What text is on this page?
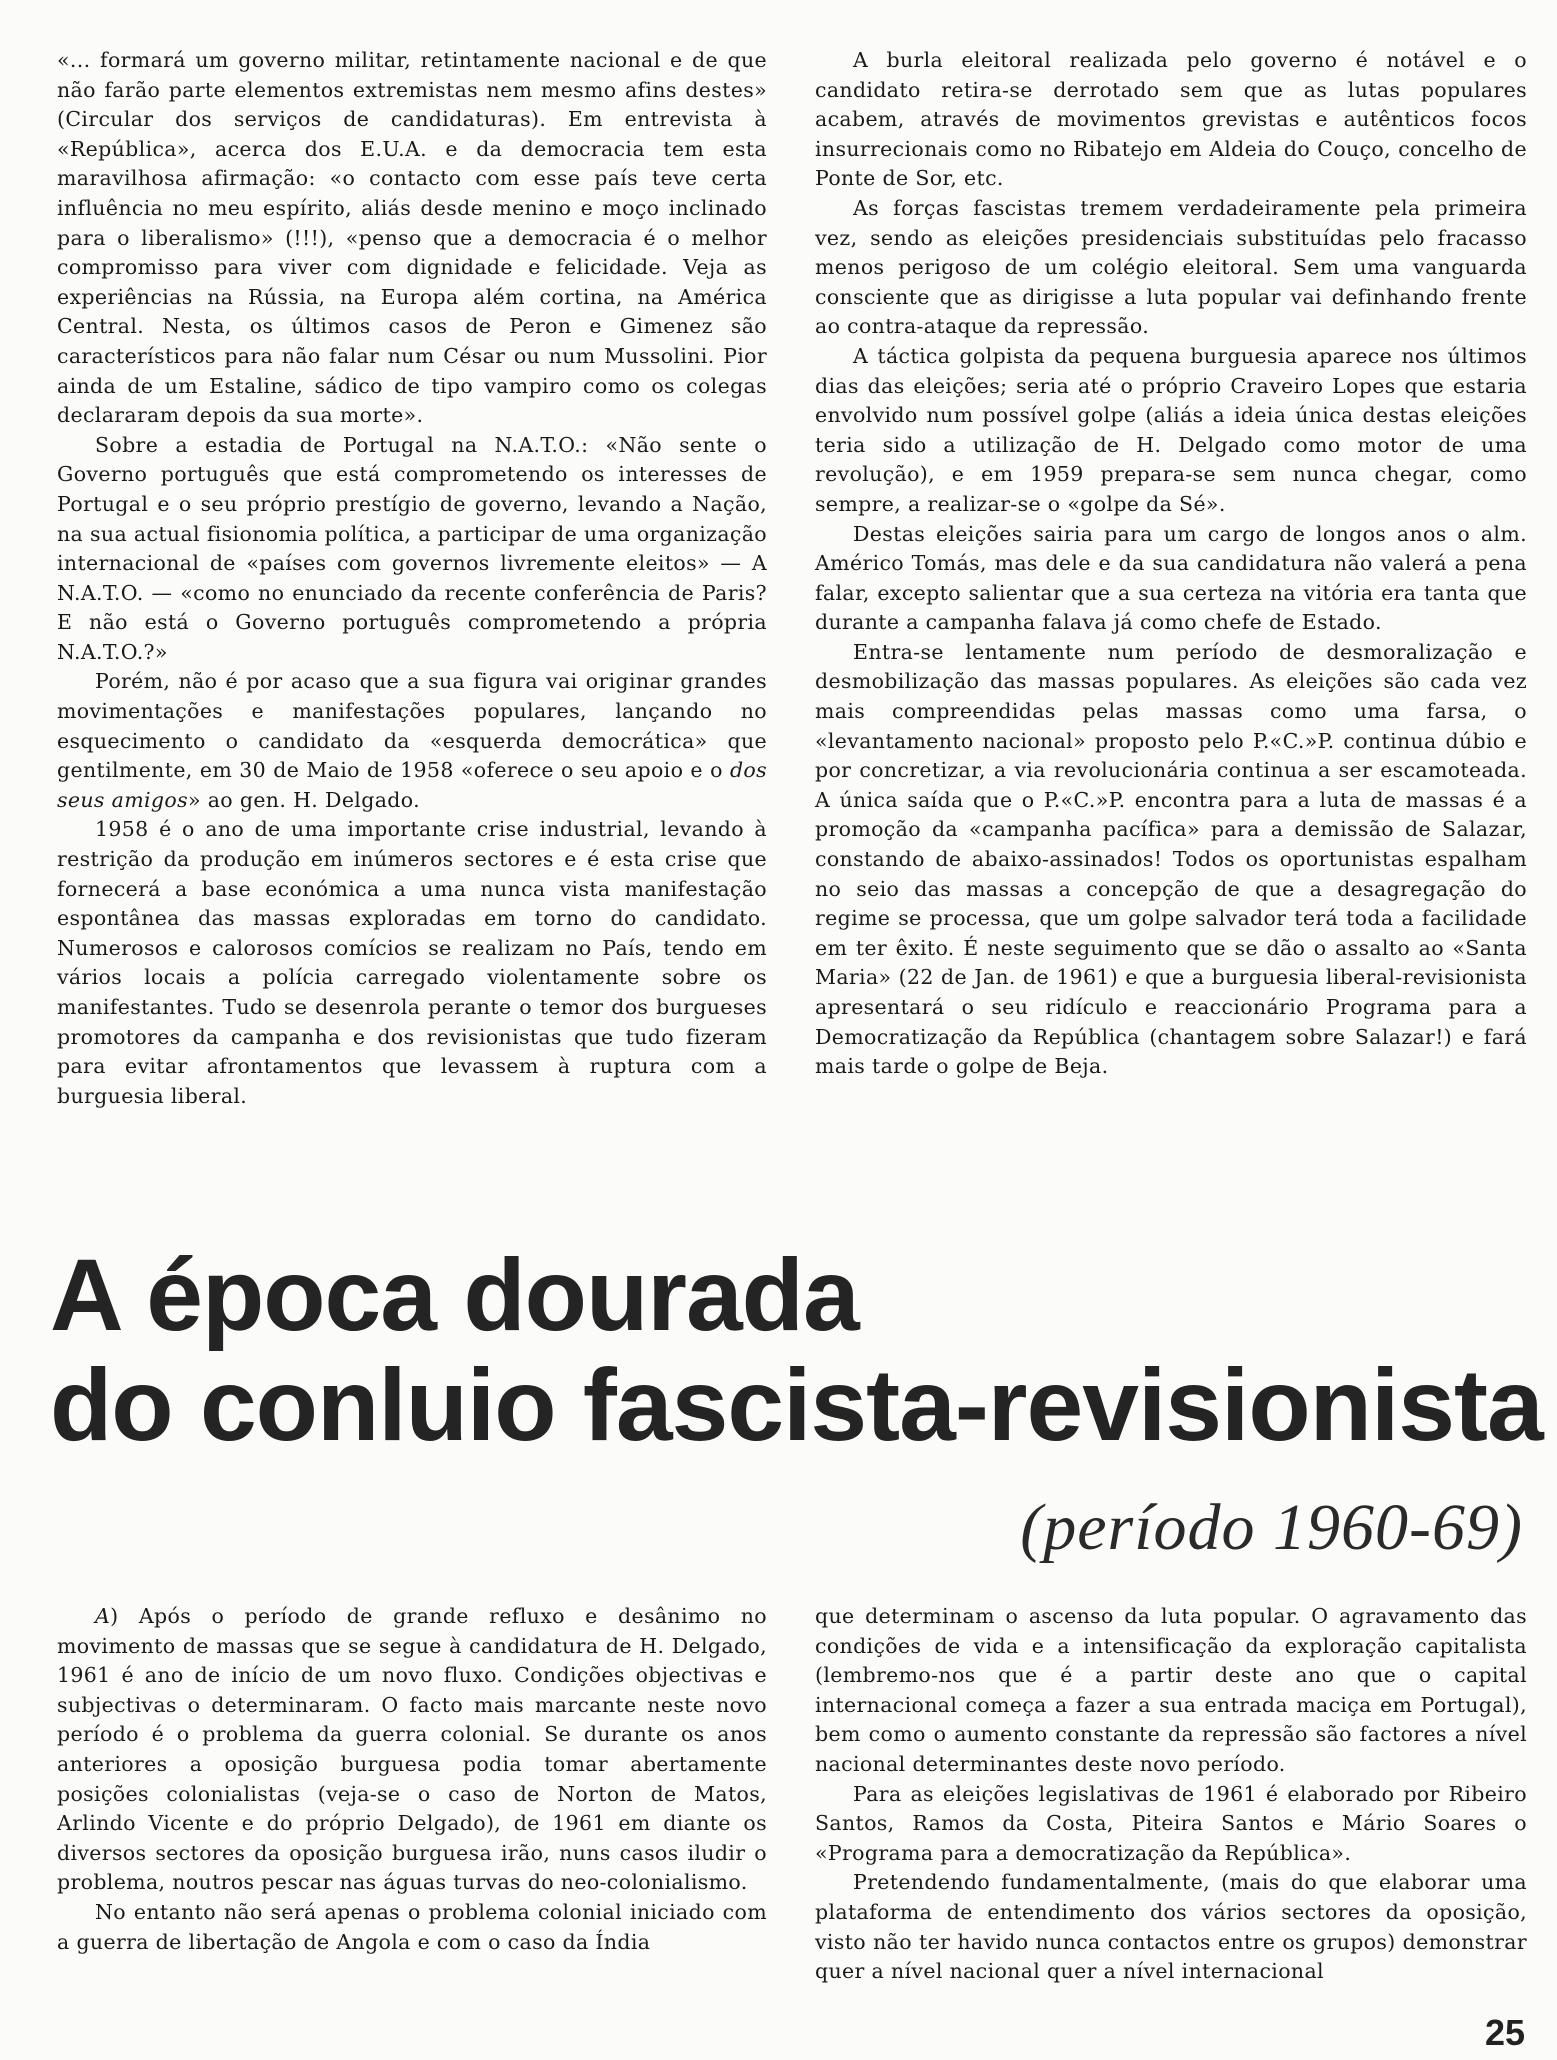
«... formará um governo militar, retintamente nacional e de que não farão parte elementos extremistas nem mesmo afins destes» (Circular dos serviços de candidaturas). Em entrevista à «República», acerca dos E.U.A. e da democracia tem esta maravilhosa afirmação: «o contacto com esse país teve certa influência no meu espírito, aliás desde menino e moço inclinado para o liberalismo» (!!!), «penso que a democracia é o melhor compromisso para viver com dignidade e felicidade. Veja as experiências na Rússia, na Europa além cortina, na América Central. Nesta, os últimos casos de Peron e Gimenez são característicos para não falar num César ou num Mussolini. Pior ainda de um Estaline, sádico de tipo vampiro como os colegas declararam depois da sua morte».

Sobre a estadia de Portugal na N.A.T.O.: «Não sente o Governo português que está comprometendo os interesses de Portugal e o seu próprio prestígio de governo, levando a Nação, na sua actual fisionomia política, a participar de uma organização internacional de «países com governos livremente eleitos» — A N.A.T.O. — «como no enunciado da recente conferência de Paris? E não está o Governo português comprometendo a própria N.A.T.O.?»

Porém, não é por acaso que a sua figura vai originar grandes movimentações e manifestações populares, lançando no esquecimento o candidato da «esquerda democrática» que gentilmente, em 30 de Maio de 1958 «oferece o seu apoio e o dos seus amigos» ao gen. H. Delgado.

1958 é o ano de uma importante crise industrial, levando à restrição da produção em inúmeros sectores e é esta crise que fornecerá a base económica a uma nunca vista manifestação espontânea das massas exploradas em torno do candidato. Numerosos e calorosos comícios se realizam no País, tendo em vários locais a polícia carregado violentamente sobre os manifestantes. Tudo se desenrola perante o temor dos burgueses promotores da campanha e dos revisionistas que tudo fizeram para evitar afrontamentos que levassem à ruptura com a burguesia liberal.

A burla eleitoral realizada pelo governo é notável e o candidato retira-se derrotado sem que as lutas populares acabem, através de movimentos grevistas e autênticos focos insurrecionais como no Ribatejo em Aldeia do Couço, concelho de Ponte de Sor, etc.

As forças fascistas tremem verdadeiramente pela primeira vez, sendo as eleições presidenciais substituídas pelo fracasso menos perigoso de um colégio eleitoral. Sem uma vanguarda consciente que as dirigisse a luta popular vai definhando frente ao contra-ataque da repressão.

A táctica golpista da pequena burguesia aparece nos últimos dias das eleições; seria até o próprio Craveiro Lopes que estaria envolvido num possível golpe (aliás a ideia única destas eleições teria sido a utilização de H. Delgado como motor de uma revolução), e em 1959 prepara-se sem nunca chegar, como sempre, a realizar-se o «golpe da Sé».

Destas eleições sairia para um cargo de longos anos o alm. Américo Tomás, mas dele e da sua candidatura não valerá a pena falar, excepto salientar que a sua certeza na vitória era tanta que durante a campanha falava já como chefe de Estado.

Entra-se lentamente num período de desmoralização e desmobilização das massas populares. As eleições são cada vez mais compreendidas pelas massas como uma farsa, o «levantamento nacional» proposto pelo P.«C.»P. continua dúbio e por concretizar, a via revolucionária continua a ser escamoteada. A única saída que o P.«C.»P. encontra para a luta de massas é a promoção da «campanha pacífica» para a demissão de Salazar, constando de abaixo-assinados! Todos os oportunistas espalham no seio das massas a concepção de que a desagregação do regime se processa, que um golpe salvador terá toda a facilidade em ter êxito. É neste seguimento que se dão o assalto ao «Santa Maria» (22 de Jan. de 1961) e que a burguesia liberal-revisionista apresentará o seu ridículo e reaccionário Programa para a Democratização da República (chantagem sobre Salazar!) e fará mais tarde o golpe de Beja.

A época dourada
do conluio fascista-revisionista
(período 1960-69)

A) Após o período de grande refluxo e desânimo no movimento de massas que se segue à candidatura de H. Delgado, 1961 é ano de início de um novo fluxo. Condições objectivas e subjectivas o determinaram. O facto mais marcante neste novo período é o problema da guerra colonial. Se durante os anos anteriores a oposição burguesa podia tomar abertamente posições colonialistas (veja-se o caso de Norton de Matos, Arlindo Vicente e do próprio Delgado), de 1961 em diante os diversos sectores da oposição burguesa irão, nuns casos iludir o problema, noutros pescar nas águas turvas do neo-colonialismo.

No entanto não será apenas o problema colonial iniciado com a guerra de libertação de Angola e com o caso da Índia

que determinam o ascenso da luta popular. O agravamento das condições de vida e a intensificação da exploração capitalista (lembremo-nos que é a partir deste ano que o capital internacional começa a fazer a sua entrada maciça em Portugal), bem como o aumento constante da repressão são factores a nível nacional determinantes deste novo período.

Para as eleições legislativas de 1961 é elaborado por Ribeiro Santos, Ramos da Costa, Piteira Santos e Mário Soares o «Programa para a democratização da República».

Pretendendo fundamentalmente, (mais do que elaborar uma plataforma de entendimento dos vários sectores da oposição, visto não ter havido nunca contactos entre os grupos) demonstrar quer a nível nacional quer a nível internacional

25
